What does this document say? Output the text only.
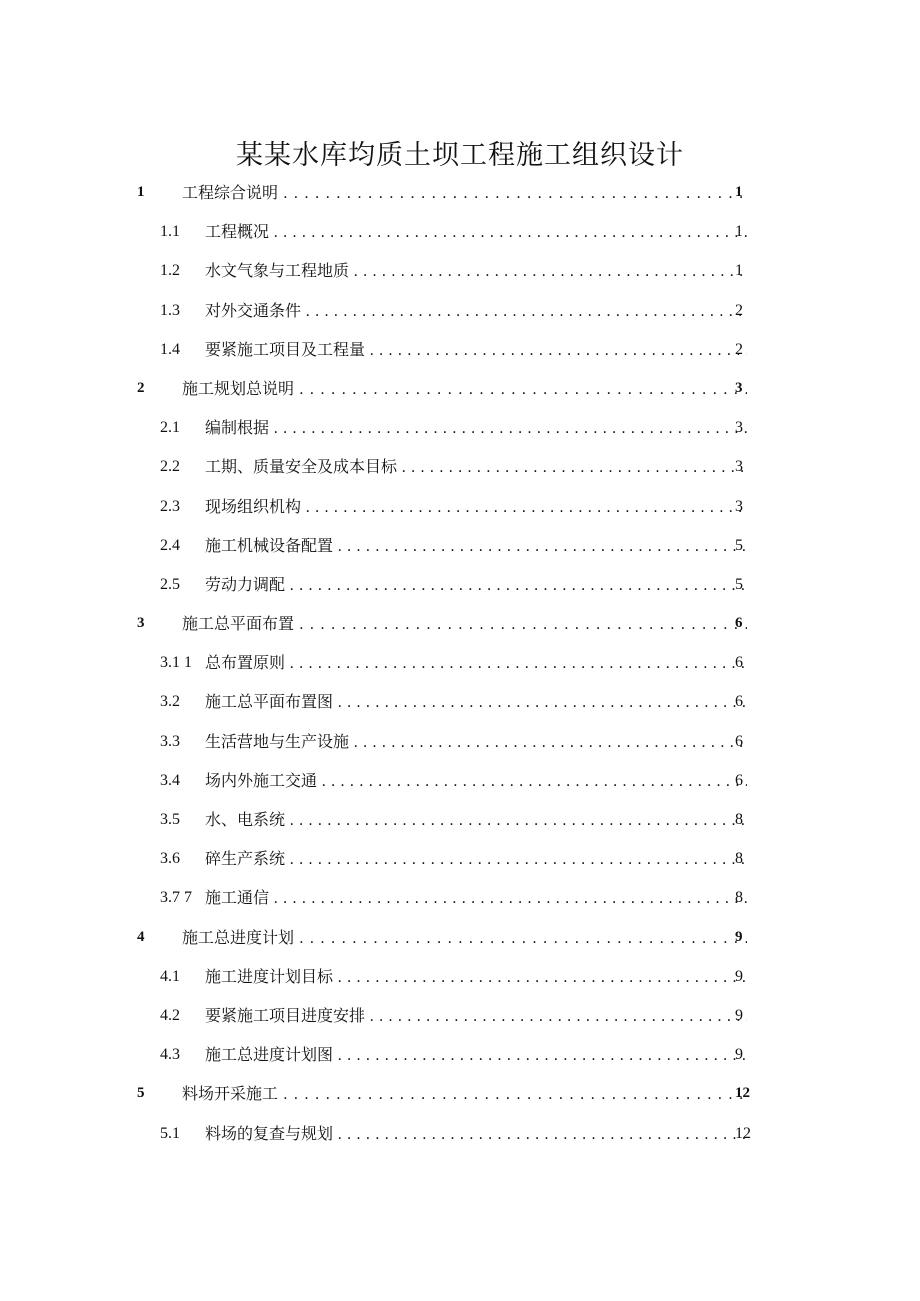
某某水库均质土坝工程施工组织设计
1 工程综合说明 . . .	1
1.1 工程概况 . . .	1
1.2 水文气象与工程地质 . . .	1
1.3 对外交通条件 . . .	2
1.4 要紧施工项目及工程量 . . .	2
2 施工规划总说明 . . .	3
2.1 编制根据 . . .	3
2.2 工期、质量安全及成本目标 . . .	3
2.3 现场组织机构 . . .	3
2.4 施工机械设备配置 . . .	5
2.5 劳动力调配 . . .	5
3 施工总平面布置 . . .	6
3.1 1 总布置原则 . . .	6
3.2 施工总平面布置图 . . .	6
3.3 生活营地与生产设施 . . .	6
3.4 场内外施工交通 . . .	6
3.5 水、电系统 . . .	8
3.6 碎生产系统 . . .	8
3.7 7 施工通信 . . .	8
4 施工总进度计划 . . .	9
4.1 施工进度计划目标 . . .	9
4.2 要紧施工项目进度安排 . . .	9
4.3 施工总进度计划图 . . .	9
5 料场开采施工 . . .	12
5.1 料场的复查与规划 . . .	12
